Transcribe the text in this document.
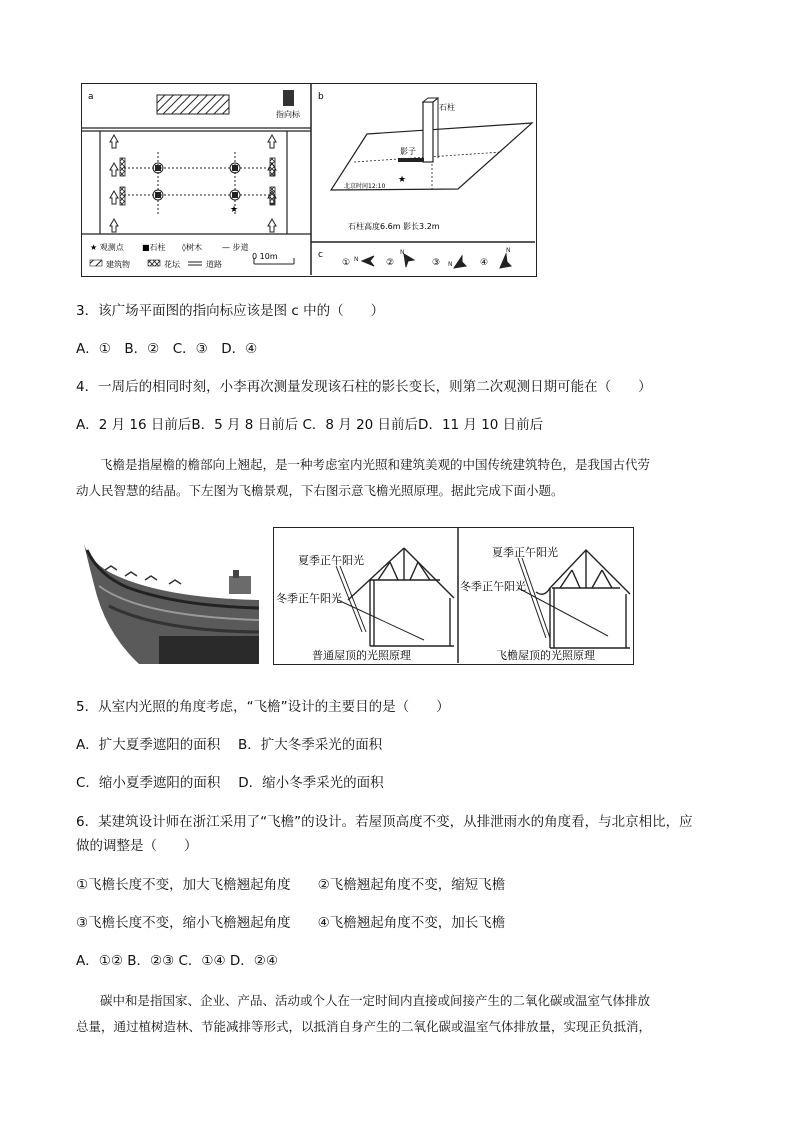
a
指向标
★
★ 观测点 ■石柱 ◊树木	— 步道
建筑物	花坛	道路
0 10m
b
石柱
影子
★
北京时间12:10
石柱高度6.6m 影长3.2m
c
① N	②
N
③ N	④
N
3．该广场平面图的指向标应该是图 c 中的（　　）
A．①　B．②　C．③　D．④
4．一周后的相同时刻，小李再次测量发现该石柱的影长变长，则第二次观测日期可能在（　　）
A．2 月 16 日前后B．5 月 8 日前后 C．8 月 20 日前后D．11 月 10 日前后
飞檐是指屋檐的檐部向上翘起，是一种考虑室内光照和建筑美观的中国传统建筑特色，是我国古代劳
动人民智慧的结晶。下左图为飞檐景观，下右图示意飞檐光照原理。据此完成下面小题。
夏季正午阳光
冬季正午阳光
普通屋顶的光照原理
夏季正午阳光
冬季正午阳光
飞檐屋顶的光照原理
5．从室内光照的角度考虑，“飞檐”设计的主要目的是（　　）
A．扩大夏季遮阳的面积　 B．扩大冬季采光的面积
C．缩小夏季遮阳的面积　 D．缩小冬季采光的面积
6．某建筑设计师在浙江采用了“飞檐”的设计。若屋顶高度不变，从排泄雨水的角度看，与北京相比，应
做的调整是（　　）
①飞檐长度不变，加大飞檐翘起角度　　②飞檐翘起角度不变，缩短飞檐
③飞檐长度不变，缩小飞檐翘起角度　　④飞檐翘起角度不变，加长飞檐
A．①② B．②③ C．①④ D．②④
碳中和是指国家、企业、产品、活动或个人在一定时间内直接或间接产生的二氧化碳或温室气体排放
总量，通过植树造林、节能减排等形式，以抵消自身产生的二氧化碳或温室气体排放量，实现正负抵消，
